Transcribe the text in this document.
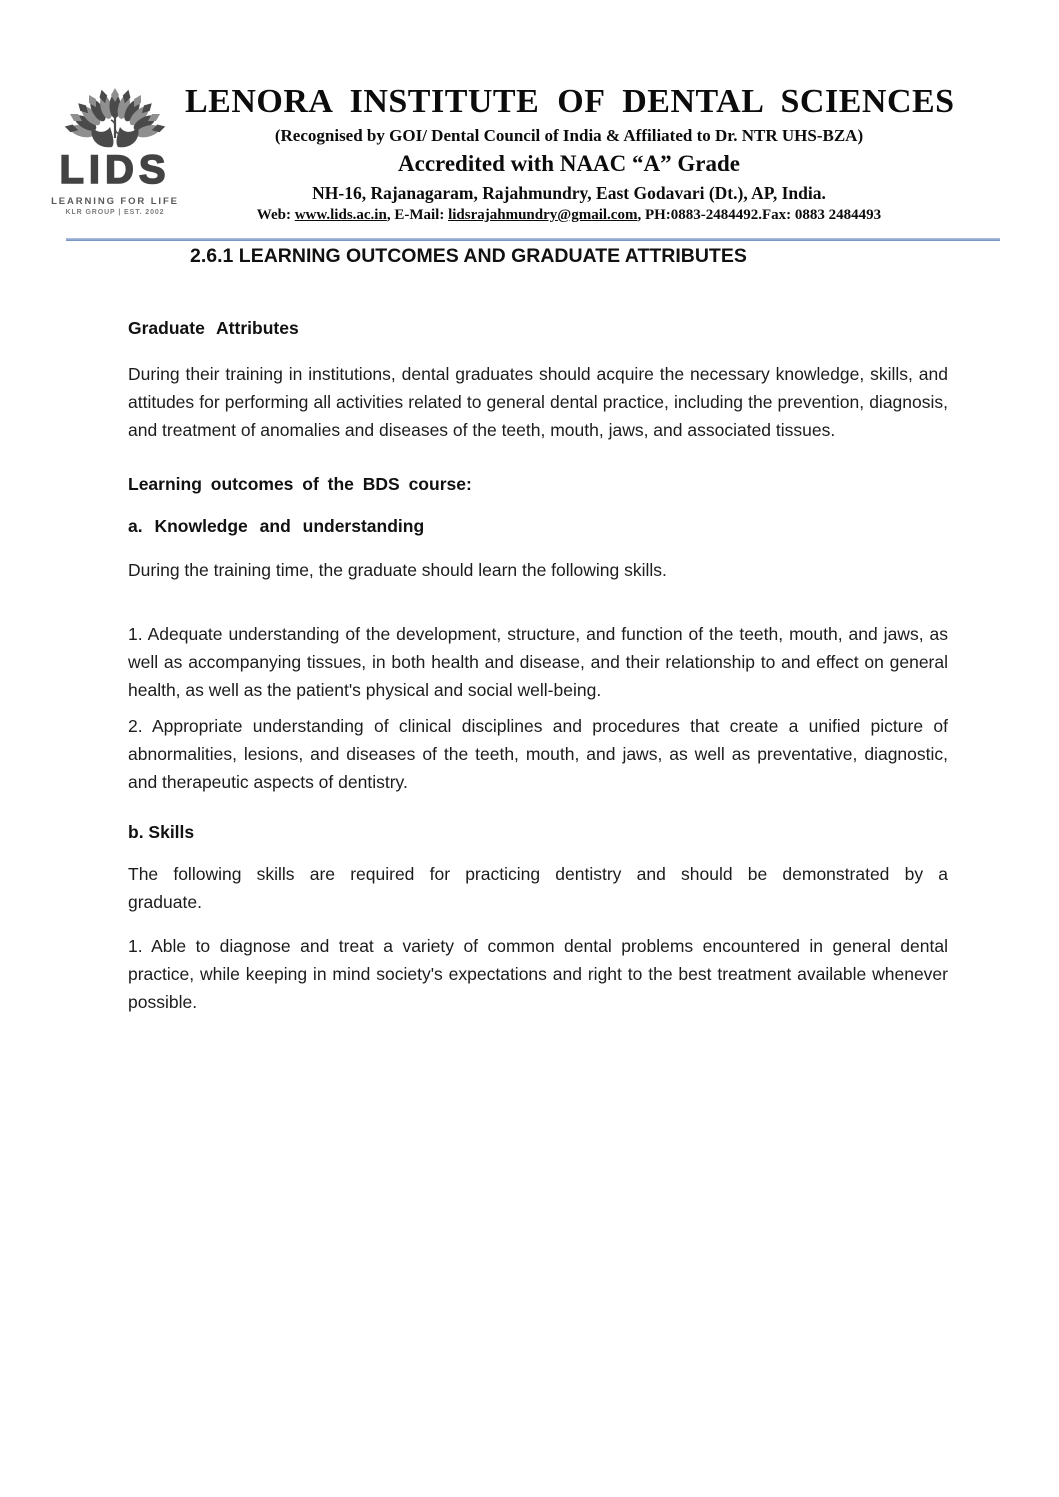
LIDS
LEARNING FOR LIFE
KLR GROUP | EST. 2002
LENORA INSTITUTE OF DENTAL SCIENCES
(Recognised by GOI/ Dental Council of India & Affiliated to Dr. NTR UHS-BZA)
Accredited with NAAC “A” Grade
NH-16, Rajanagaram, Rajahmundry, East Godavari (Dt.), AP, India.
Web: www.lids.ac.in, E-Mail: lidsrajahmundry@gmail.com, PH:0883-2484492.Fax: 0883 2484493
2.6.1 LEARNING OUTCOMES AND GRADUATE ATTRIBUTES
Graduate Attributes

During their training in institutions, dental graduates should acquire the necessary knowledge, skills, and attitudes for performing all activities related to general dental practice, including the prevention, diagnosis, and treatment of anomalies and diseases of the teeth, mouth, jaws, and associated tissues.

Learning outcomes of the BDS course:
a. Knowledge and understanding

During the training time, the graduate should learn the following skills.

1. Adequate understanding of the development, structure, and function of the teeth, mouth, and jaws, as well as accompanying tissues, in both health and disease, and their relationship to and effect on general health, as well as the patient's physical and social well-being.

2. Appropriate understanding of clinical disciplines and procedures that create a unified picture of abnormalities, lesions, and diseases of the teeth, mouth, and jaws, as well as preventative, diagnostic, and therapeutic aspects of dentistry.

b. Skills

The following skills are required for practicing dentistry and should be demonstrated by a graduate.

1. Able to diagnose and treat a variety of common dental problems encountered in general dental practice, while keeping in mind society's expectations and right to the best treatment available whenever possible.
